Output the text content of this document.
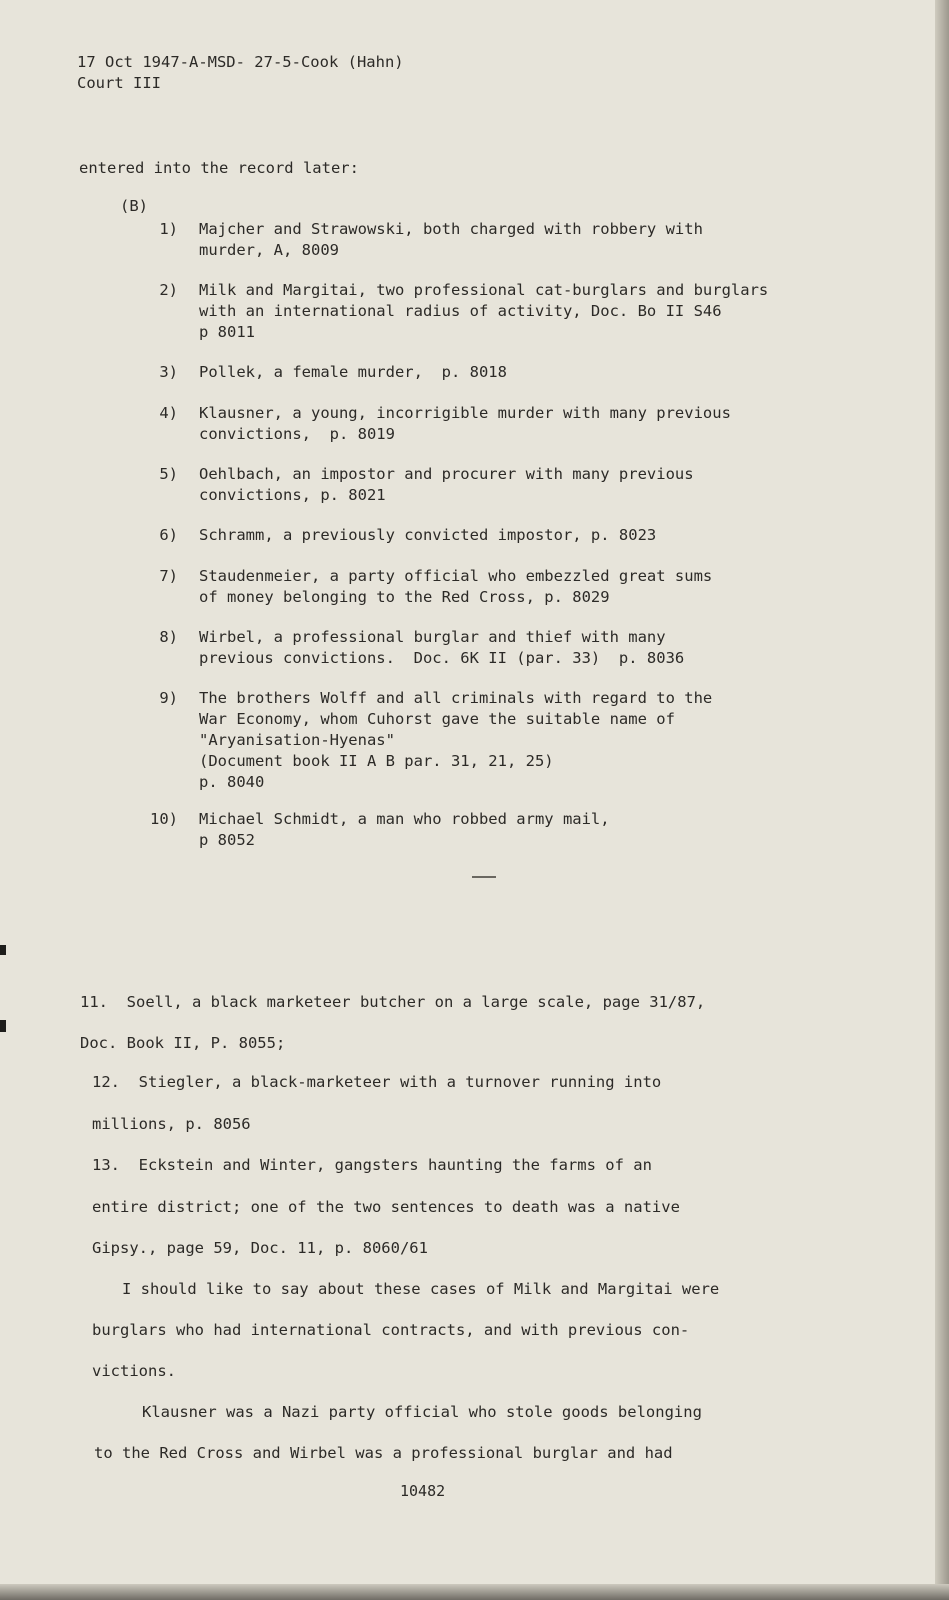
17 Oct 1947-A-MSD- 27-5-Cook (Hahn)
Court III
entered into the record later:
(B)
1) Majcher and Strawowski, both charged with robbery with
murder, A, 8009
2) Milk and Margitai, two professional cat-burglars and burglars
with an international radius of activity, Doc. Bo II S46
p 8011
3) Pollek, a female murder,  p. 8018
4) Klausner, a young, incorrigible murder with many previous
convictions,  p. 8019
5) Oehlbach, an impostor and procurer with many previous
convictions, p. 8021
6) Schramm, a previously convicted impostor, p. 8023
7) Staudenmeier, a party official who embezzled great sums
of money belonging to the Red Cross, p. 8029
8) Wirbel, a professional burglar and thief with many
previous convictions.  Doc. 6K II (par. 33)  p. 8036
9) The brothers Wolff and all criminals with regard to the
War Economy, whom Cuhorst gave the suitable name of
"Aryanisation-Hyenas"
(Document book II A B par. 31, 21, 25)
p. 8040
10) Michael Schmidt, a man who robbed army mail,
p 8052
11.  Soell, a black marketeer butcher on a large scale, page 31/87,
Doc. Book II, P. 8055;
12.  Stiegler, a black-marketeer with a turnover running into
millions, p. 8056
13.  Eckstein and Winter, gangsters haunting the farms of an
entire district; one of the two sentences to death was a native
Gipsy., page 59, Doc. 11, p. 8060/61
I should like to say about these cases of Milk and Margitai were
burglars who had international contracts, and with previous con-
victions.
Klausner was a Nazi party official who stole goods belonging
to the Red Cross and Wirbel was a professional burglar and had
10482
